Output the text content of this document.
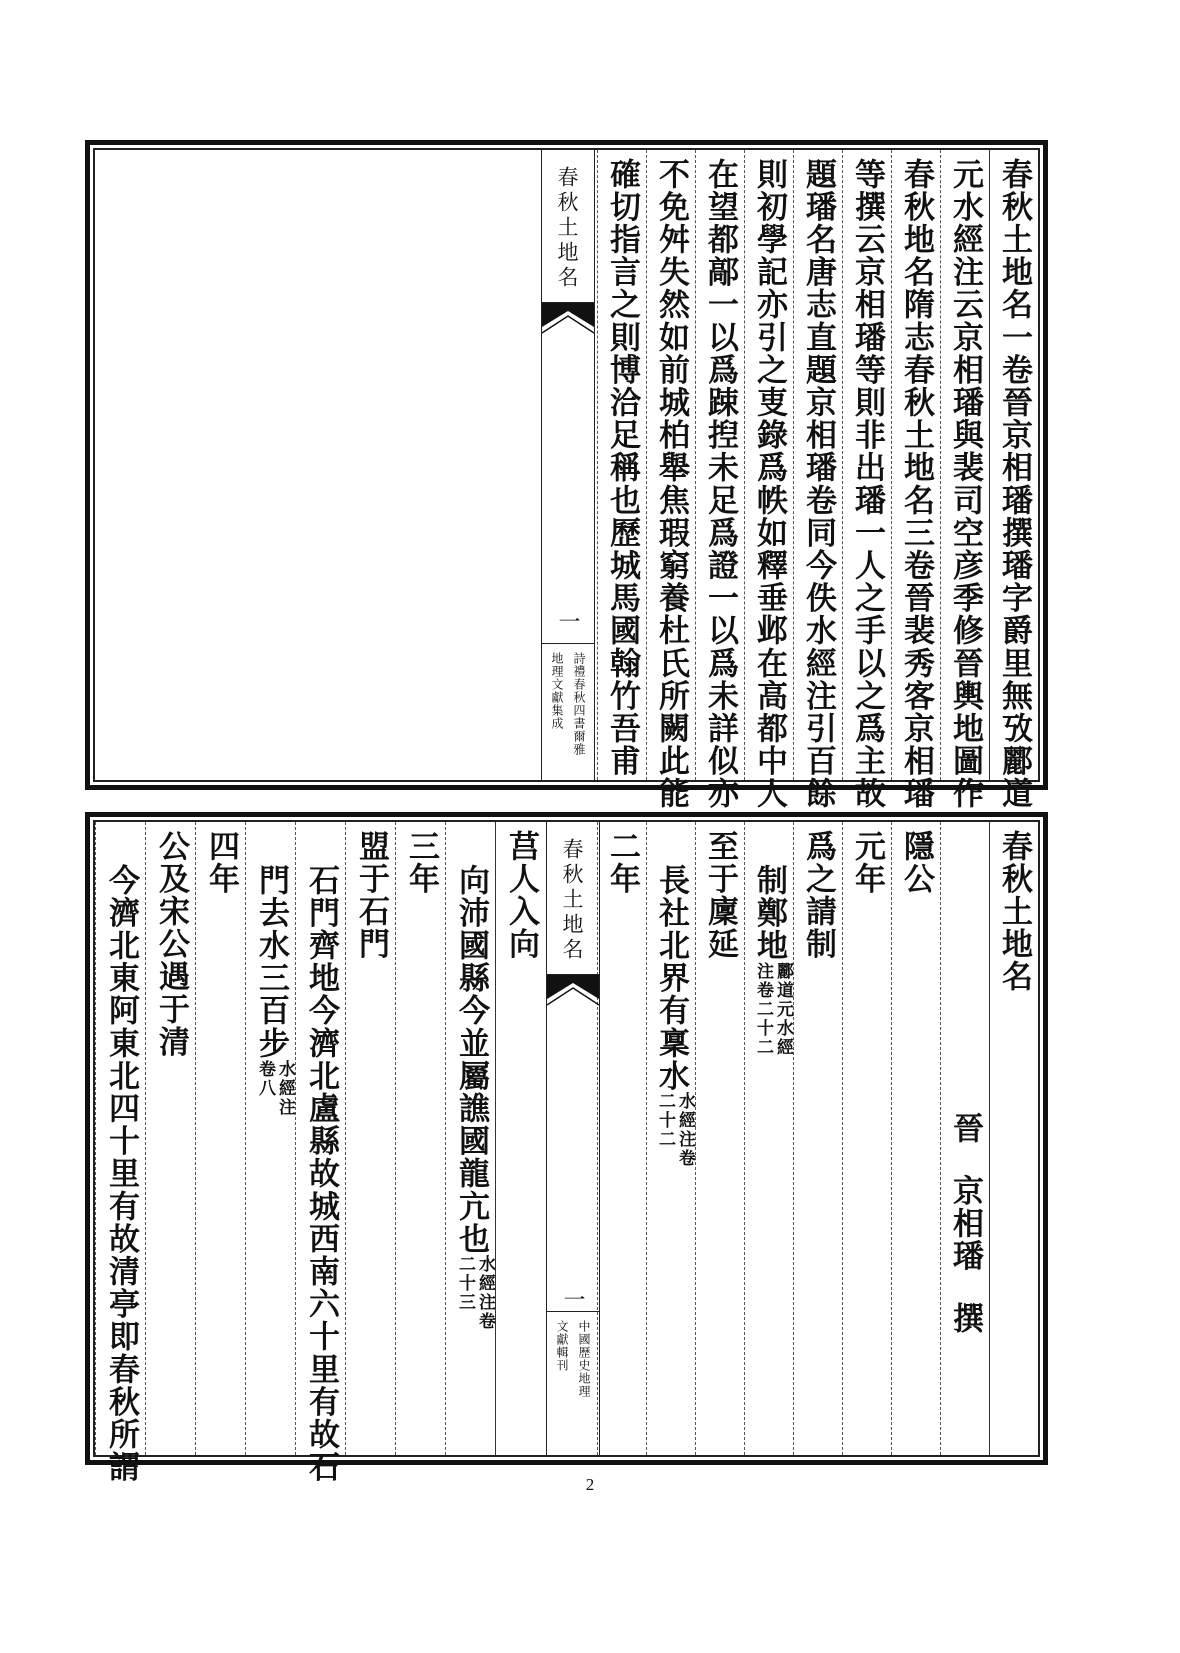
春秋土地名一卷晉京相璠撰璠字爵里無攷酈道
元水經注云京相璠與裴司空彦季修晉輿地圖作
春秋地名隋志春秋土地名三卷晉裴秀客京相璠
等撰云京相璠等則非出璠一人之手以之爲主故
題璠名唐志直題京相璠卷同今佚水經注引百餘
則初學記亦引之叓錄爲帙如釋垂邺在高都中人
在望都鄗一以爲踈揑未足爲證一以爲未詳似亦
不免舛失然如前城柏舉焦瑕窮養杜氏所闕此能
確切指言之則博洽足稱也歷城馬國翰竹吾甫
春秋土地名
一
詩禮春秋四書爾雅
地理文獻集成
春秋土地名
晉京相璠撰
隱公
元年
爲之請制
制鄭地
酈道元水經
注卷二十二
至于廩延
長社北界有稟水
水經注卷
二十二
二年
春秋土地名
一
中國歷史地理
文獻輯刊
莒人入向
向沛國縣今並屬譙國龍亢也
水經注卷
二十三
三年
盟于石門
石門齊地今濟北盧縣故城西南六十里有故石
門去水三百步
水經注
卷八
四年
公及宋公遇于清
今濟北東阿東北四十里有故清亭即春秋所謂
2
